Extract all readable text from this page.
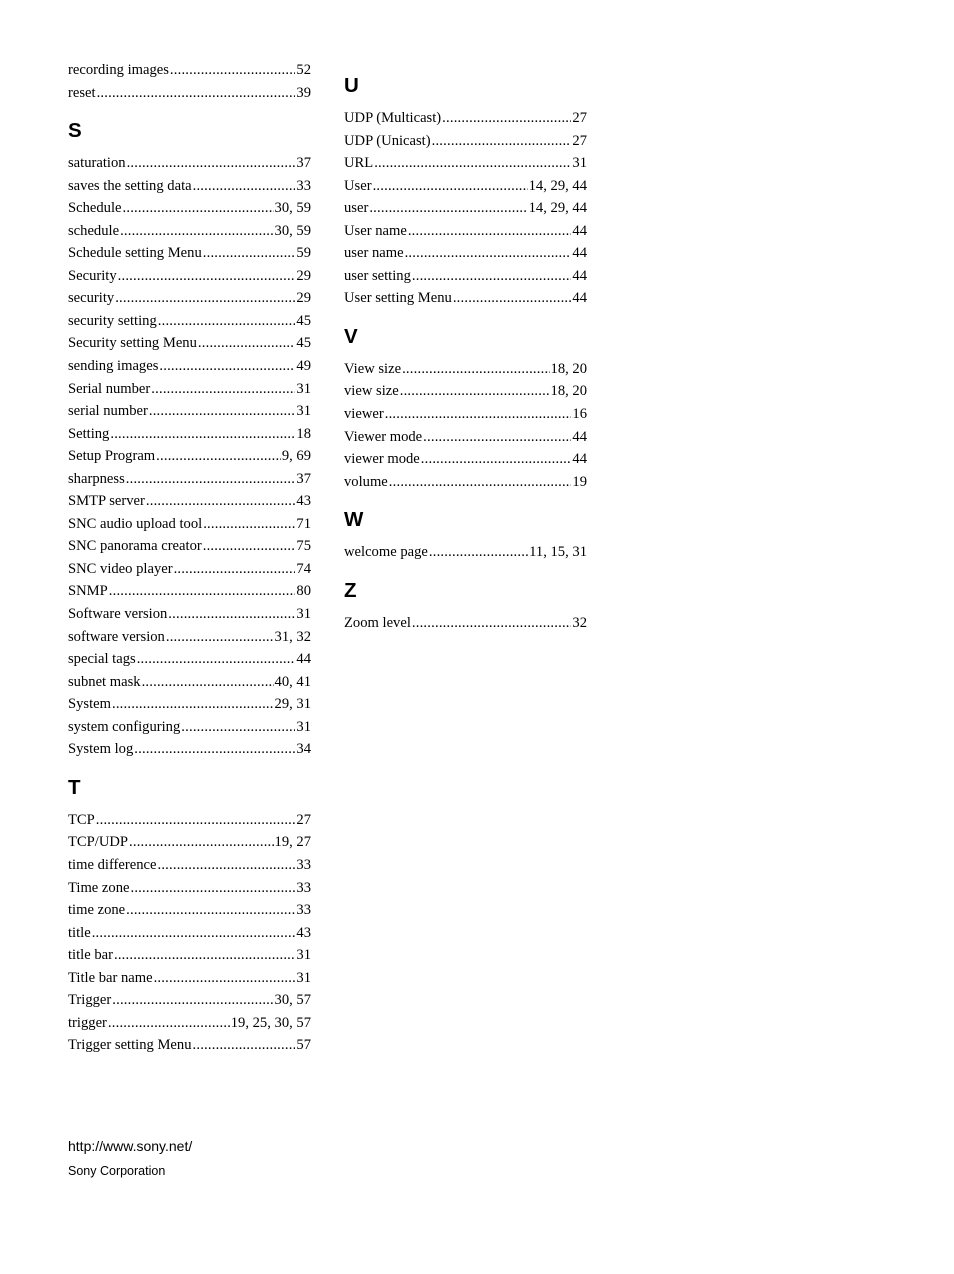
recording images .....	52
reset .....	39
S
saturation .....	37
saves the setting data .....	33
Schedule .....	30, 59
schedule .....	30, 59
Schedule setting Menu .....	59
Security .....	29
security .....	29
security setting .....	45
Security setting Menu .....	45
sending images .....	49
Serial number .....	31
serial number .....	31
Setting .....	18
Setup Program .....	9, 69
sharpness .....	37
SMTP server .....	43
SNC audio upload tool .....	71
SNC panorama creator .....	75
SNC video player .....	74
SNMP .....	80
Software version .....	31
software version .....	31, 32
special tags .....	44
subnet mask .....	40, 41
System .....	29, 31
system configuring .....	31
System log .....	34
T
TCP .....	27
TCP/UDP .....	19, 27
time difference .....	33
Time zone .....	33
time zone .....	33
title .....	43
title bar .....	31
Title bar name .....	31
Trigger .....	30, 57
trigger .....	19, 25, 30, 57
Trigger setting Menu .....	57
U
UDP (Multicast) .....	27
UDP (Unicast) .....	27
URL .....	31
User .....	14, 29, 44
user .....	14, 29, 44
User name .....	44
user name .....	44
user setting .....	44
User setting Menu .....	44
V
View size .....	18, 20
view size .....	18, 20
viewer .....	16
Viewer mode .....	44
viewer mode .....	44
volume .....	19
W
welcome page .....	11, 15, 31
Z
Zoom level .....	32
http://www.sony.net/
Sony Corporation
